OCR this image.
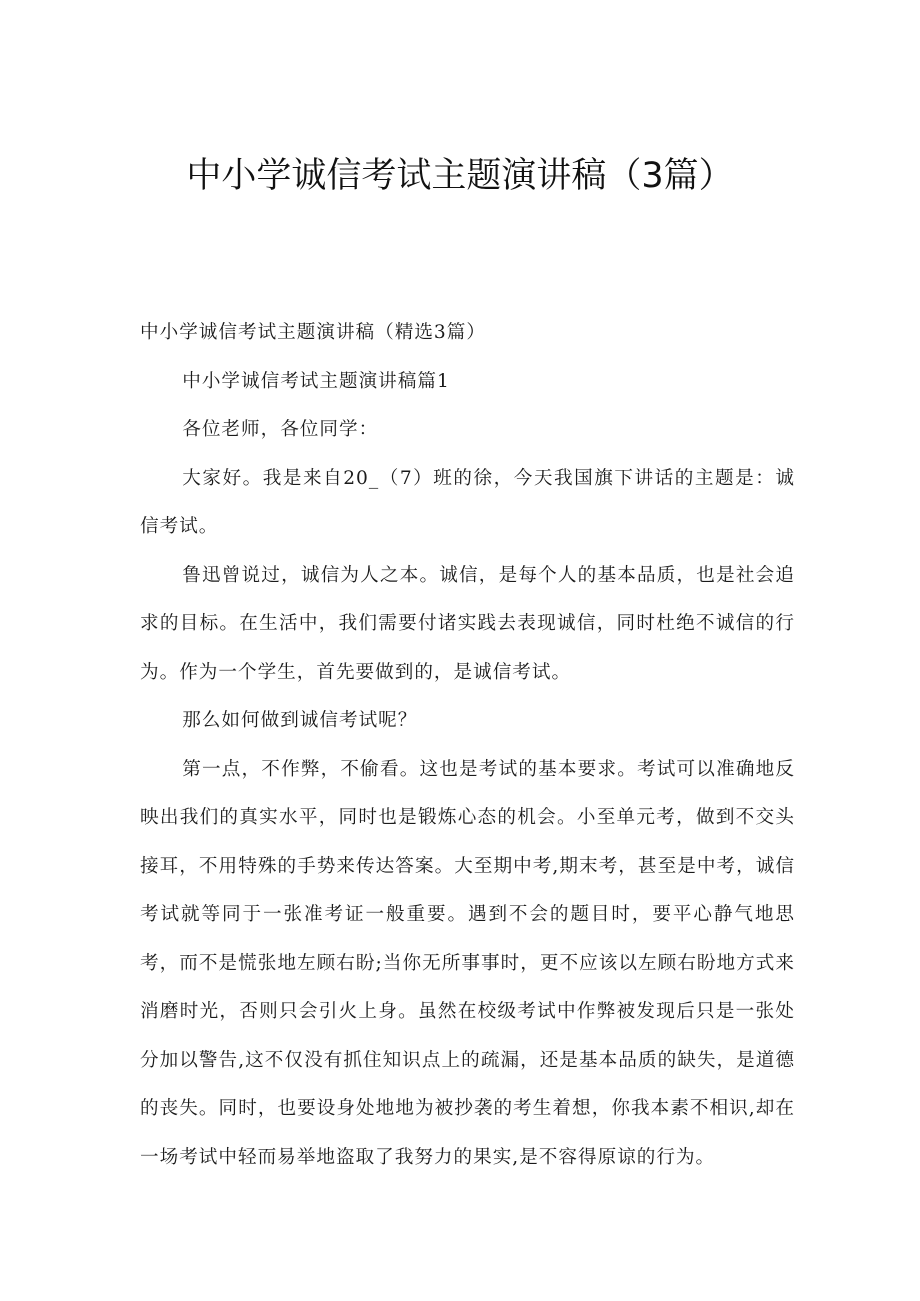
中小学诚信考试主题演讲稿（3篇）

中小学诚信考试主题演讲稿（精选3篇）

中小学诚信考试主题演讲稿篇1

各位老师，各位同学：

大家好。我是来自20_（7）班的徐，今天我国旗下讲话的主题是：诚信考试。

鲁迅曾说过，诚信为人之本。诚信，是每个人的基本品质，也是社会追求的目标。在生活中，我们需要付诸实践去表现诚信，同时杜绝不诚信的行为。作为一个学生，首先要做到的，是诚信考试。

那么如何做到诚信考试呢？

第一点，不作弊，不偷看。这也是考试的基本要求。考试可以准确地反映出我们的真实水平，同时也是锻炼心态的机会。小至单元考，做到不交头接耳，不用特殊的手势来传达答案。大至期中考,期末考，甚至是中考，诚信考试就等同于一张准考证一般重要。遇到不会的题目时，要平心静气地思考，而不是慌张地左顾右盼;当你无所事事时，更不应该以左顾右盼地方式来消磨时光，否则只会引火上身。虽然在校级考试中作弊被发现后只是一张处分加以警告,这不仅没有抓住知识点上的疏漏，还是基本品质的缺失，是道德的丧失。同时，也要设身处地地为被抄袭的考生着想，你我本素不相识,却在一场考试中轻而易举地盗取了我努力的果实,是不容得原谅的行为。
